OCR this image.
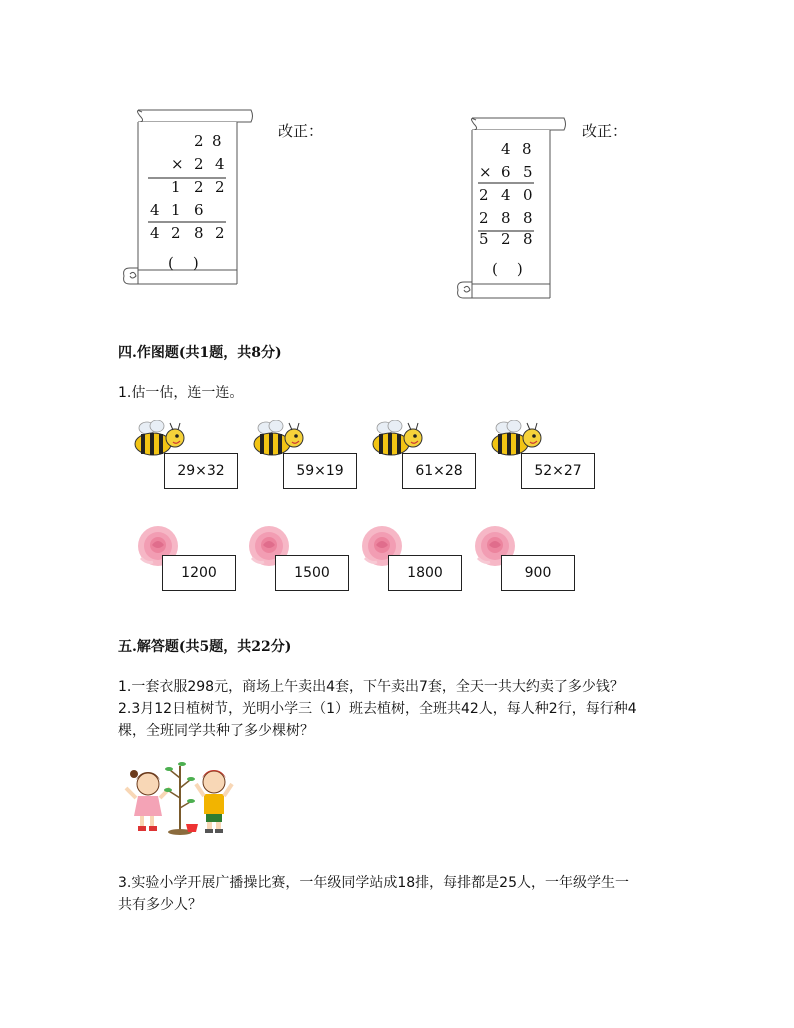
2 8
× 2 4
1 2 2
4 1 6
4 2 8 2
(    )
改正：
4 8
× 6 5
2 4 0
2 8 8
5 2 8
(    )
改正：
四.作图题(共1题，共8分)
1.估一估，连一连。
29×32	59×19	61×28	52×27
1200	1500	1800	900
五.解答题(共5题，共22分)
1.一套衣服298元，商场上午卖出4套，下午卖出7套，全天一共大约卖了多少钱？
2.3月12日植树节，光明小学三（1）班去植树，全班共42人，每人种2行，每行种4
棵，全班同学共种了多少棵树？
3.实验小学开展广播操比赛，一年级同学站成18排，每排都是25人，一年级学生一
共有多少人？
